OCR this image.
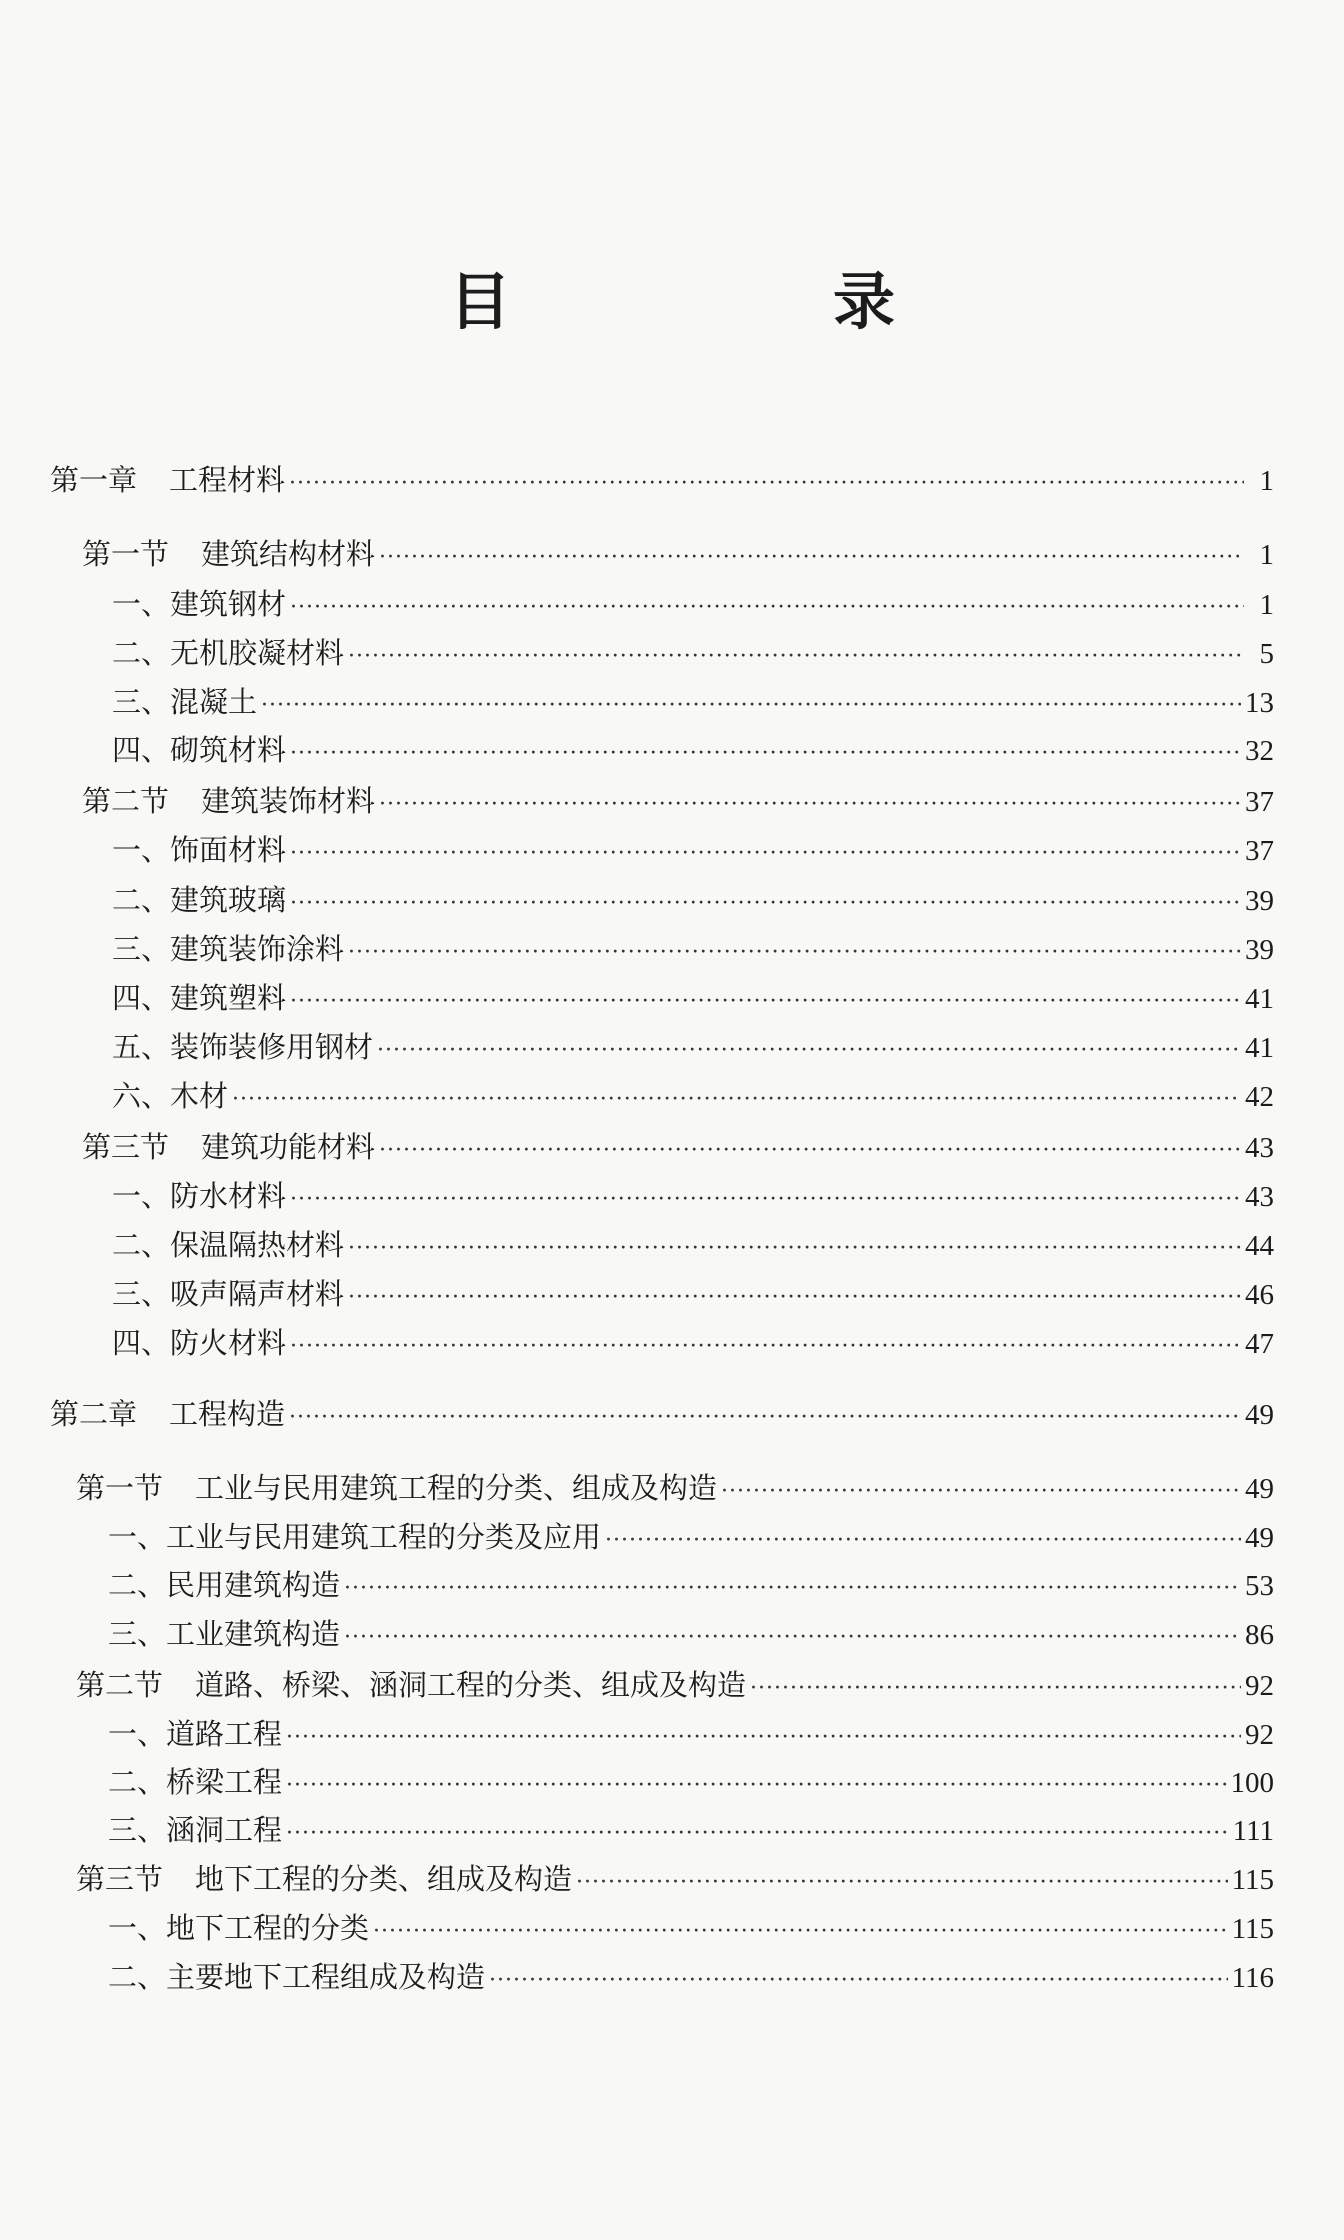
目　录
第一章 工程材料 ·····	1
第一节 建筑结构材料 ·····	1
一、 建筑钢材 ·····	1
二、 无机胶凝材料 ·····	5
三、 混凝土 ·····	13
四、 砌筑材料 ·····	32
第二节 建筑装饰材料 ·····	37
一、 饰面材料 ·····	37
二、 建筑玻璃 ·····	39
三、 建筑装饰涂料 ·····	39
四、 建筑塑料 ·····	41
五、 装饰装修用钢材 ·····	41
六、 木材 ·····	42
第三节 建筑功能材料 ·····	43
一、 防水材料 ·····	43
二、 保温隔热材料 ·····	44
三、 吸声隔声材料 ·····	46
四、 防火材料 ·····	47
第二章 工程构造 ·····	49
第一节 工业与民用建筑工程的分类、组成及构造 ·····	49
一、 工业与民用建筑工程的分类及应用 ·····	49
二、 民用建筑构造 ·····	53
三、 工业建筑构造 ·····	86
第二节 道路、桥梁、涵洞工程的分类、组成及构造 ·····	92
一、 道路工程 ·····	92
二、 桥梁工程 ·····	100
三、 涵洞工程 ·····	111
第三节 地下工程的分类、组成及构造 ·····	115
一、 地下工程的分类 ·····	115
二、 主要地下工程组成及构造 ·····	116
